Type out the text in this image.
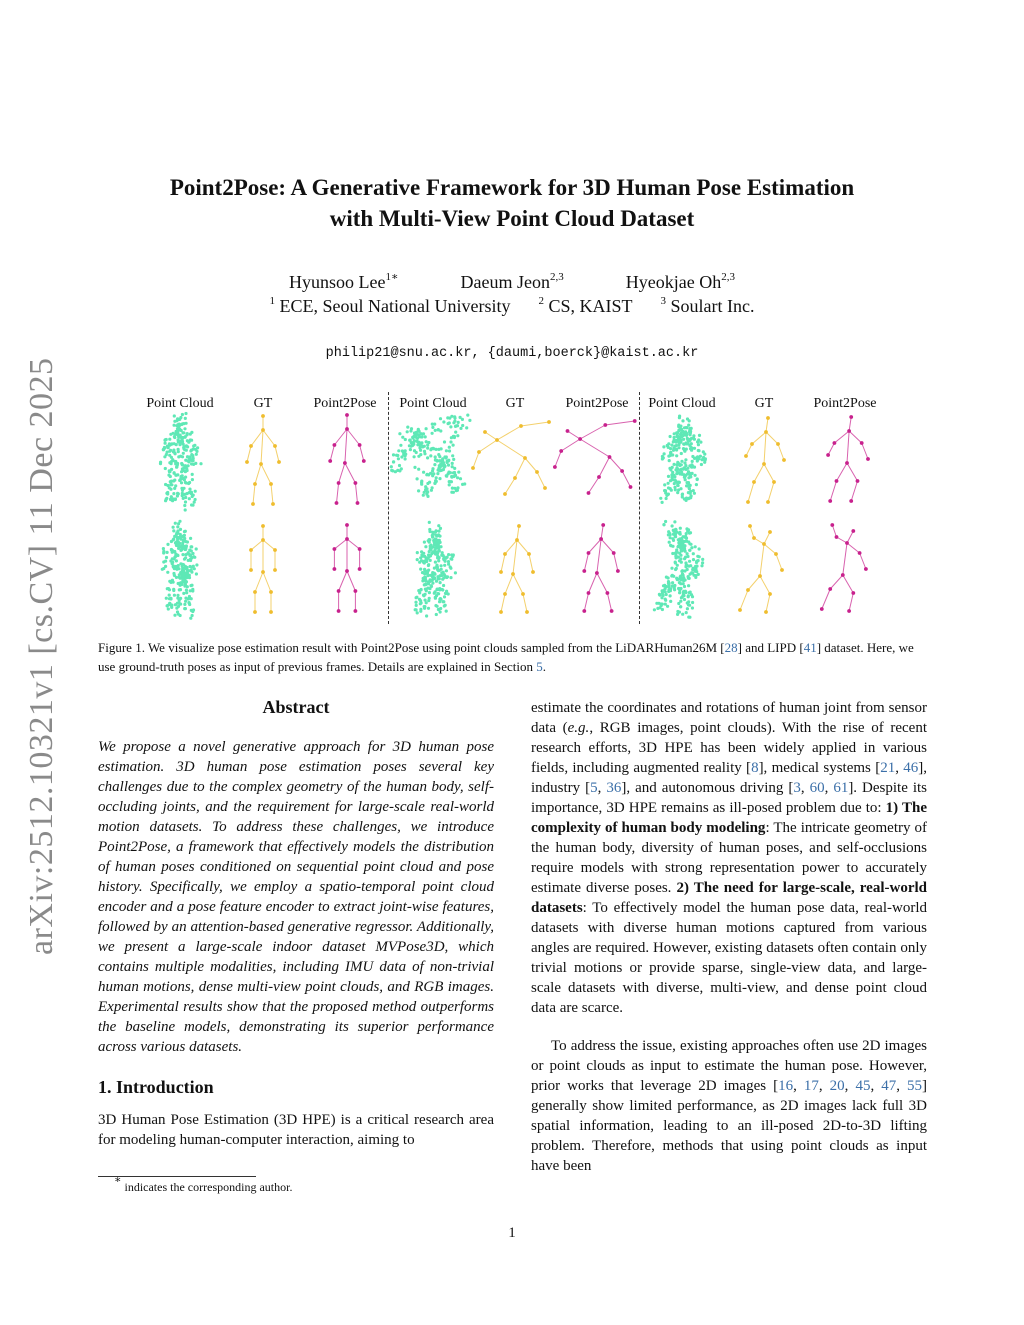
arXiv:2512.10321v1 [cs.CV] 11 Dec 2025
Point2Pose: A Generative Framework for 3D Human Pose Estimation
with Multi-View Point Cloud Dataset
Hyunsoo Lee$^{1∗}$	Daeum Jeon$^{2,3}$	Hyeokjae Oh$^{2,3}$
$^1$ ECE, Seoul National University	$^2$ CS, KAIST	$^3$ Soulart Inc.
philip21@snu.ac.kr, {daumi,boerck}@kaist.ac.kr
Point Cloud	GT	Point2Pose Point Cloud	GT	Point2Pose Point Cloud	GT	Point2Pose
Figure 1. We visualize pose estimation result with Point2Pose using point clouds sampled from the LiDARHuman26M [28] and LIPD [41] dataset. Here, we use ground-truth poses as input of previous frames. Details are explained in Section 5.
Abstract

We propose a novel generative approach for 3D human pose estimation. 3D human pose estimation poses several key challenges due to the complex geometry of the human body, self-occluding joints, and the requirement for large-scale real-world motion datasets. To address these challenges, we introduce Point2Pose, a framework that effectively models the distribution of human poses conditioned on sequential point cloud and pose history. Specifically, we employ a spatio-temporal point cloud encoder and a pose feature encoder to extract joint-wise features, followed by an attention-based generative regressor. Additionally, we present a large-scale indoor dataset MVPose3D, which contains multiple modalities, including IMU data of non-trivial human motions, dense multi-view point clouds, and RGB images. Experimental results show that the proposed method outperforms the baseline models, demonstrating its superior performance across various datasets.

1. Introduction

3D Human Pose Estimation (3D HPE) is a critical research area for modeling human-computer interaction, aiming to

estimate the coordinates and rotations of human joint from sensor data (e.g., RGB images, point clouds). With the rise of recent research efforts, 3D HPE has been widely applied in various fields, including augmented reality [8], medical systems [21, 46], industry [5, 36], and autonomous driving [3, 60, 61]. Despite its importance, 3D HPE remains as ill-posed problem due to: 1) The complexity of human body modeling: The intricate geometry of the human body, diversity of human poses, and self-occlusions require models with strong representation power to accurately estimate diverse poses. 2) The need for large-scale, real-world datasets: To effectively model the human pose data, real-world datasets with diverse human motions captured from various angles are required. However, existing datasets often contain only trivial motions or provide sparse, single-view data, and large-scale datasets with diverse, multi-view, and dense point cloud data are scarce.

To address the issue, existing approaches often use 2D images or point clouds as input to estimate the human pose. However, prior works that leverage 2D images [16, 17, 20, 45, 47, 55] generally show limited performance, as 2D images lack full 3D spatial information, leading to an ill-posed 2D-to-3D lifting problem. Therefore, methods that using point clouds as input have been

∗ indicates the corresponding author.
1
